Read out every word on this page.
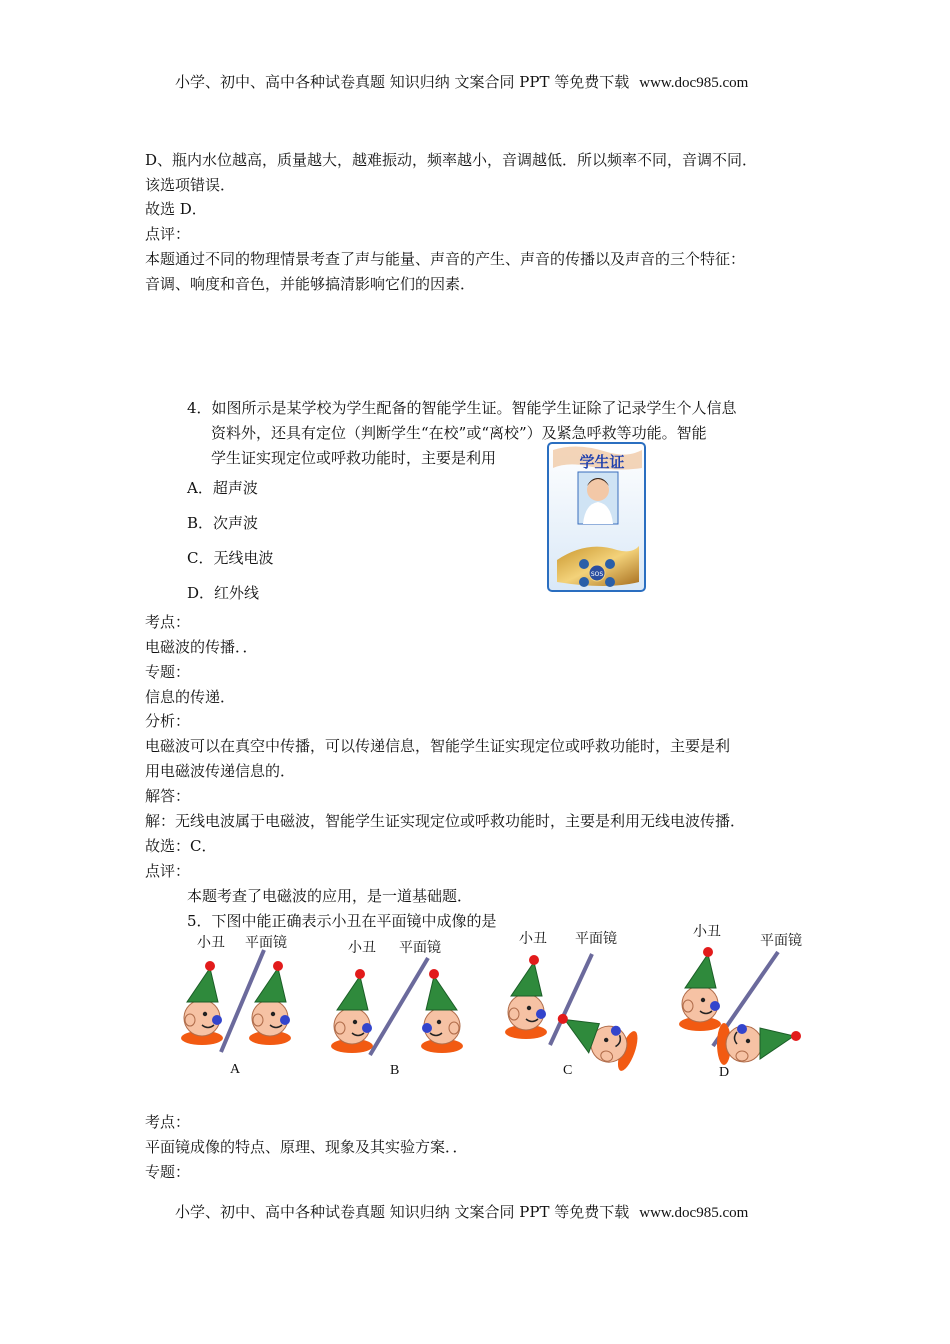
小学、初中、高中各种试卷真题 知识归纳 文案合同 PPT 等免费下载 www.doc985.com
D、瓶内水位越高，质量越大，越难振动，频率越小，音调越低．所以频率不同，音调不同．
该选项错误．
故选 D．
点评：
本题通过不同的物理情景考查了声与能量、声音的产生、声音的传播以及声音的三个特征：
音调、响度和音色，并能够搞清影响它们的因素．
4．如图所示是某学校为学生配备的智能学生证。智能学生证除了记录学生个人信息
资料外，还具有定位（判断学生“在校”或“离校”）及紧急呼救等功能。智能
学生证实现定位或呼救功能时，主要是利用
A．超声波
B．次声波
C．无线电波
D．红外线
学生证
SOS
考点：
电磁波的传播．．
专题：
信息的传递．
分析：
电磁波可以在真空中传播，可以传递信息，智能学生证实现定位或呼救功能时，主要是利
用电磁波传递信息的．
解答：
解：无线电波属于电磁波，智能学生证实现定位或呼救功能时，主要是利用无线电波传播．
故选：C．
点评：
本题考查了电磁波的应用，是一道基础题．
5．下图中能正确表示小丑在平面镜中成像的是
小丑 平面镜	小丑 平面镜
小丑 平面镜	小丑
平面镜
A	B	C	D
考点：
平面镜成像的特点、原理、现象及其实验方案．．
专题：
小学、初中、高中各种试卷真题 知识归纳 文案合同 PPT 等免费下载 www.doc985.com
